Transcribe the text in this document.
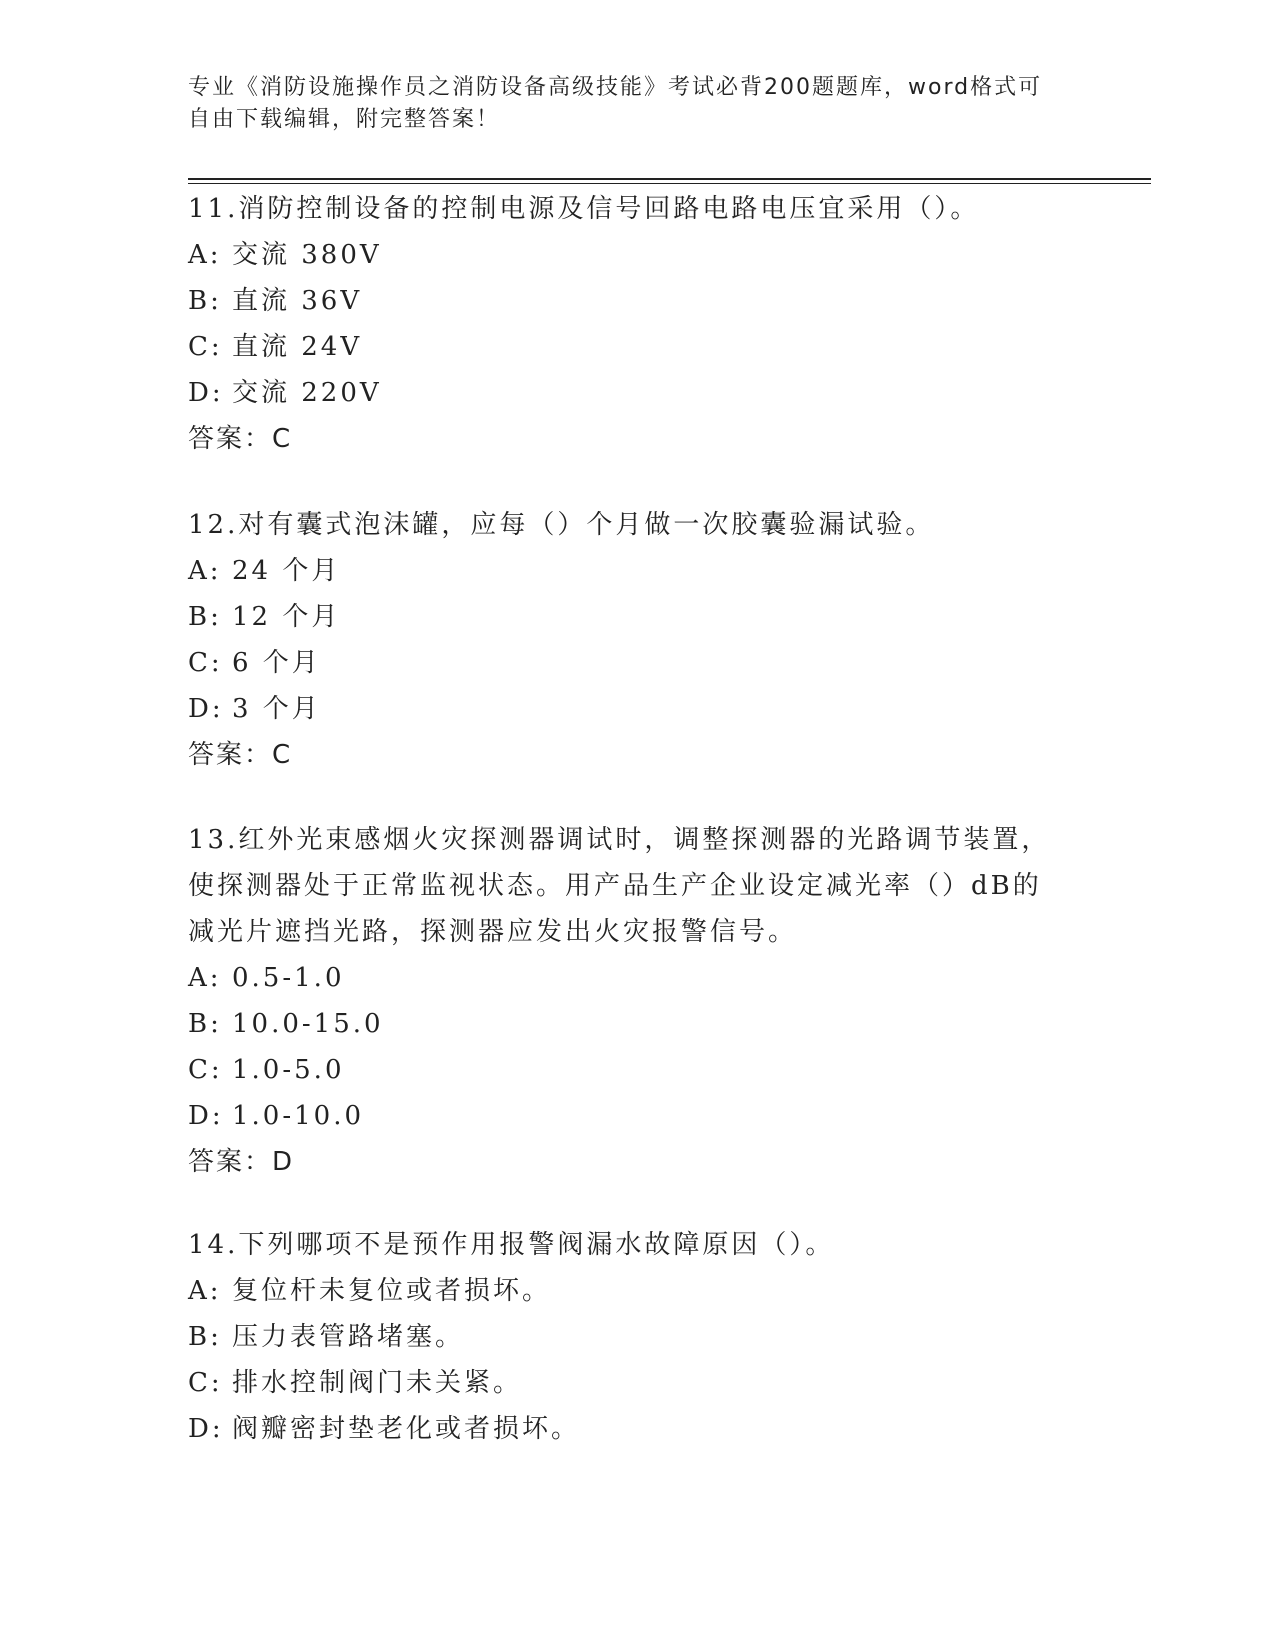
专业《消防设施操作员之消防设备高级技能》考试必背200题题库，word格式可
自由下载编辑，附完整答案！
11.消防控制设备的控制电源及信号回路电路电压宜采用（）。
A: 交流 380V
B: 直流 36V
C: 直流 24V
D: 交流 220V
答案：C
12.对有囊式泡沫罐，应每（）个月做一次胶囊验漏试验。
A: 24 个月
B: 12 个月
C: 6 个月
D: 3 个月
答案：C
13.红外光束感烟火灾探测器调试时，调整探测器的光路调节装置，使探测器处于正常监视状态。用产品生产企业设定减光率（）dB的减光片遮挡光路，探测器应发出火灾报警信号。
A: 0.5-1.0
B: 10.0-15.0
C: 1.0-5.0
D: 1.0-10.0
答案：D
14.下列哪项不是预作用报警阀漏水故障原因（）。
A: 复位杆未复位或者损坏。
B: 压力表管路堵塞。
C: 排水控制阀门未关紧。
D: 阀瓣密封垫老化或者损坏。
